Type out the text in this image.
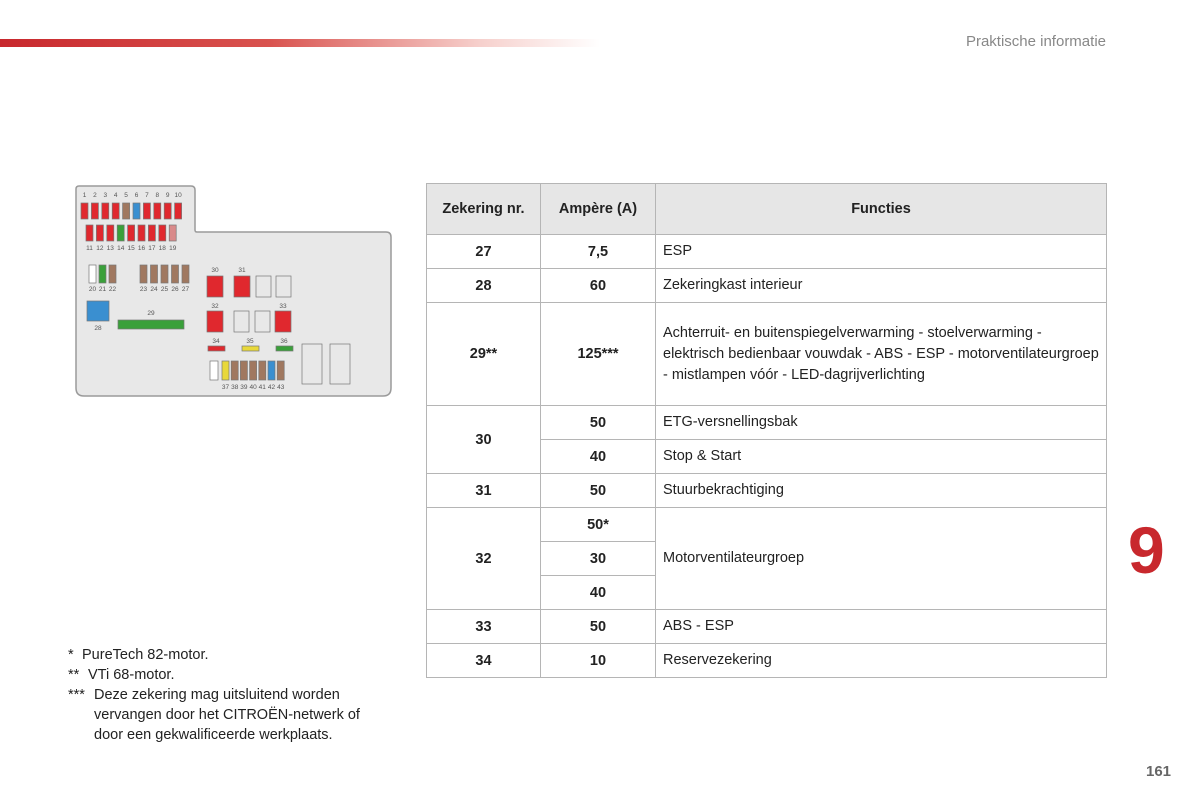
Praktische informatie
1 2 3 4 5 6 7 8 9 10
11 12 13 14 15 16 17 18 19
20 21 22	23 24 25 26 27
28
29
30	31
32	33
34	35	36
37 38 39 40 41 42 43
Zekering nr.	Ampère (A)	Functies
27	7,5	ESP
28	60	Zekeringkast interieur
29**	125***	Achterruit- en buitenspiegelverwarming - stoelverwarming - elektrisch bedienbaar vouwdak - ABS - ESP - motorventilateurgroep - mistlampen vóór - LED-dagrijverlichting
30	50	ETG-versnellingsbak
	40	Stop & Start
31	50	Stuurbekrachtiging
32	50*	Motorventilateurgroep
	30	
	40	
33	50	ABS - ESP
34	10	Reservezekering
* PureTech 82-motor.
** VTi 68-motor.
*** Deze zekering mag uitsluitend worden vervangen door het CITROËN-netwerk of door een gekwalificeerde werkplaats.
9
161
